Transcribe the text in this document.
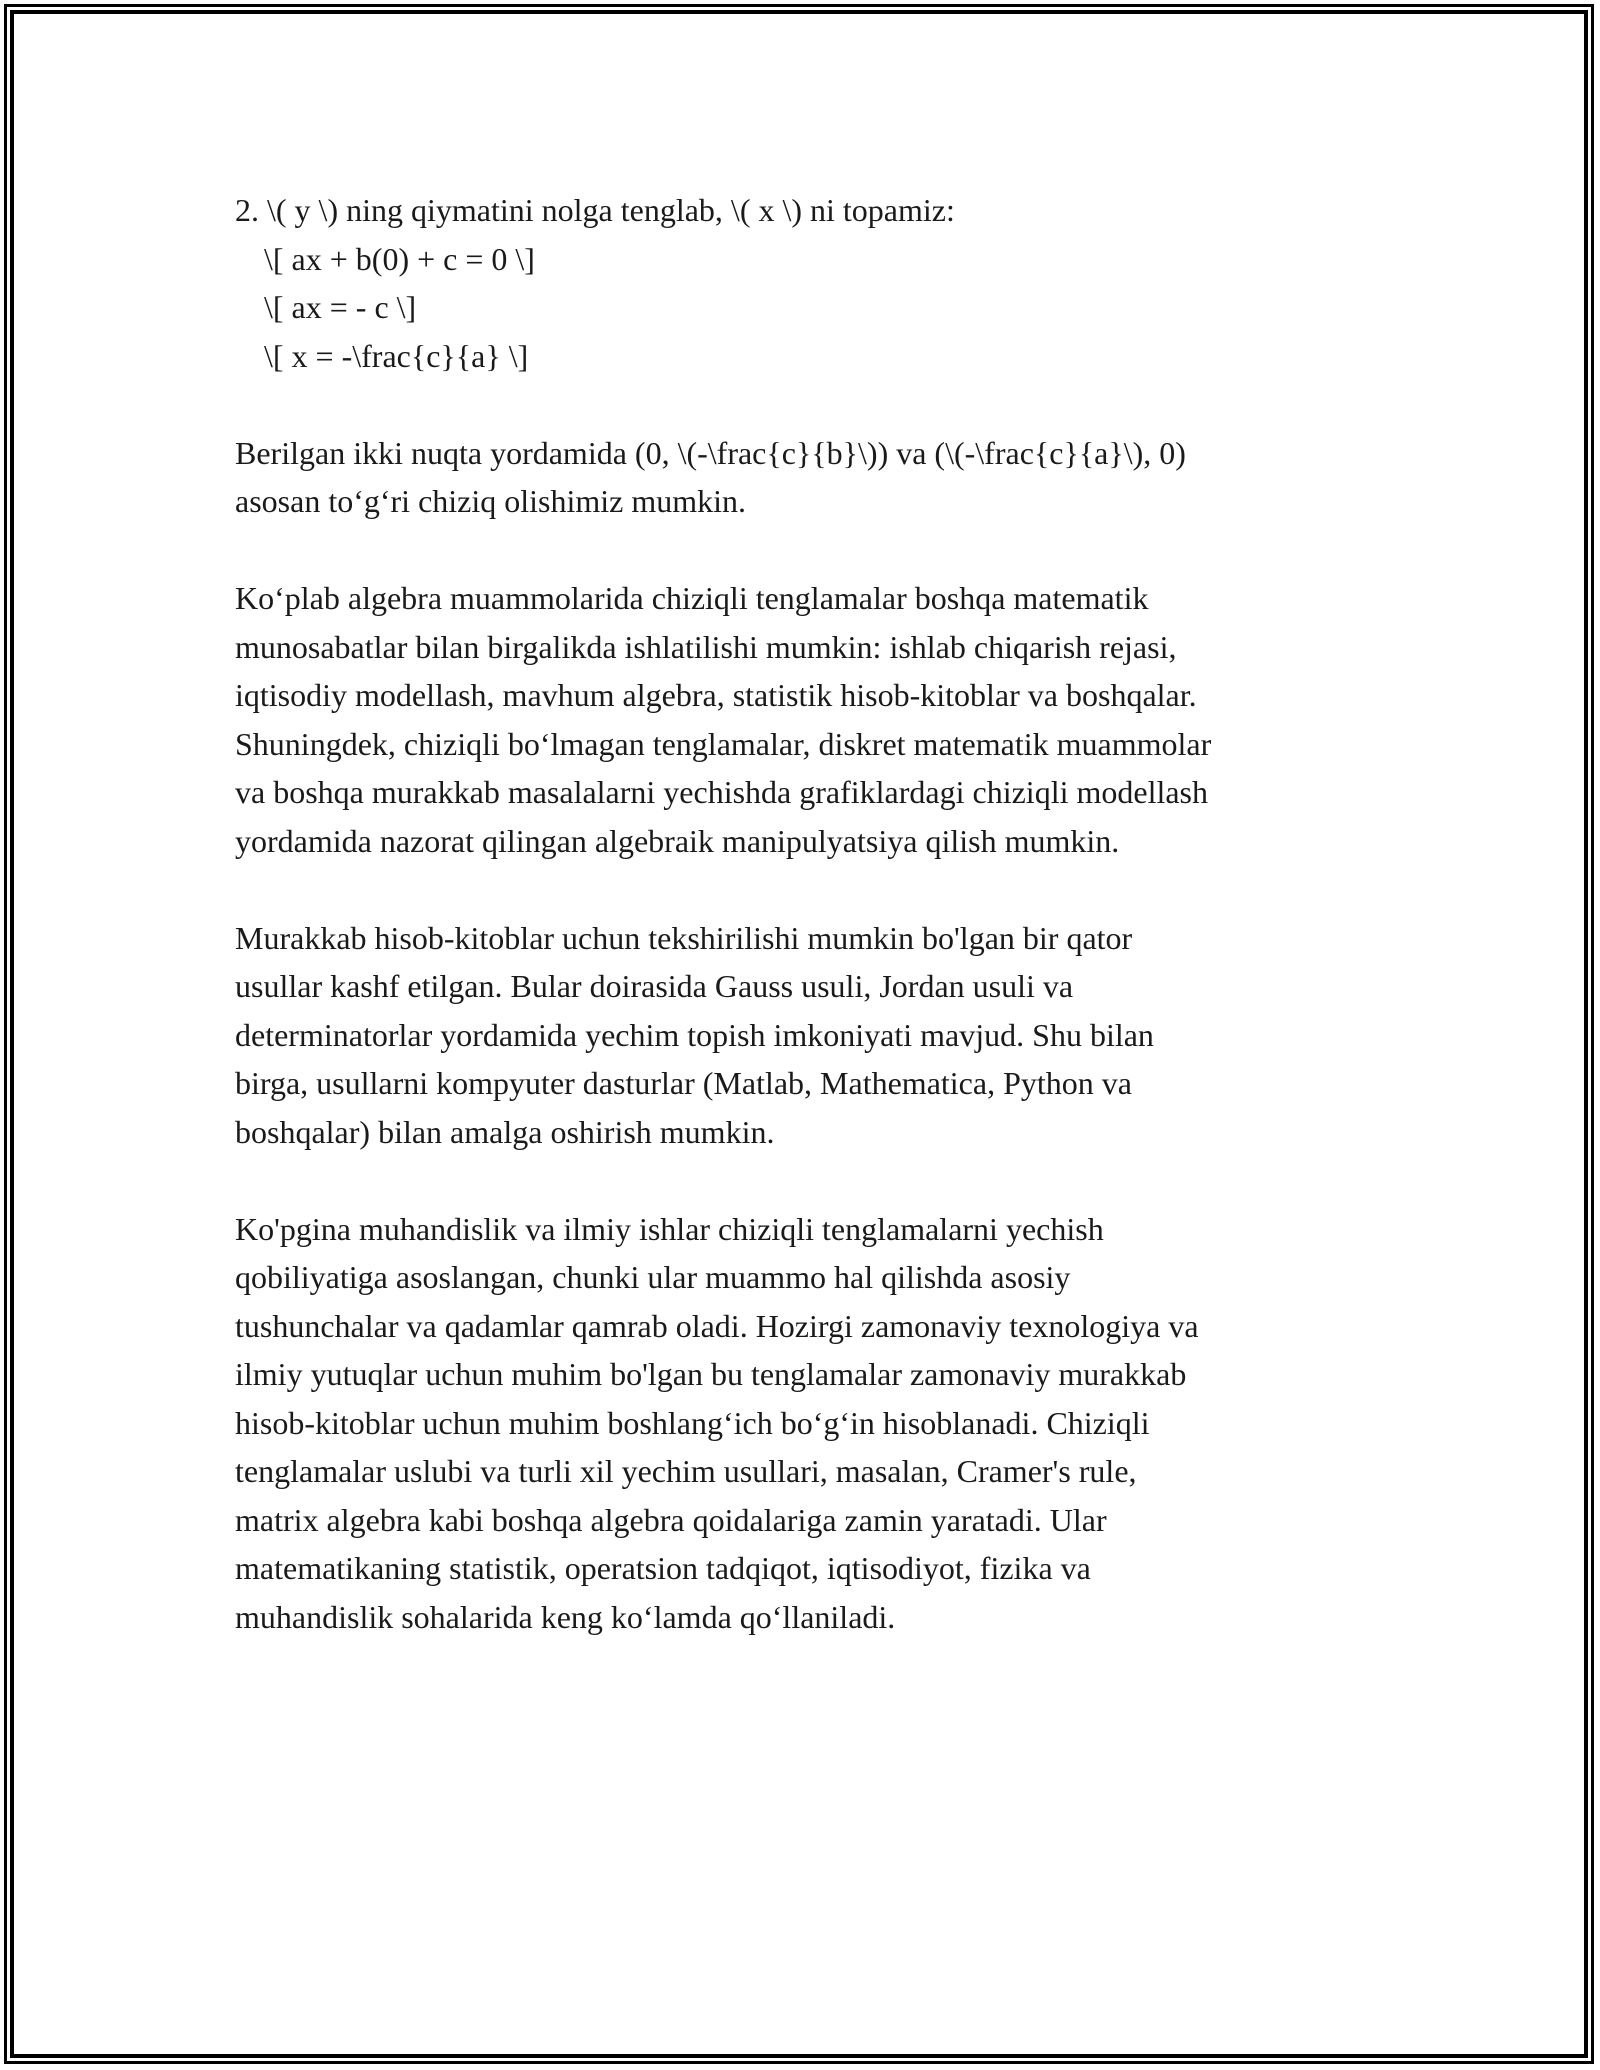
2. \( y \) ning qiymatini nolga tenglab, \( x \) ni topamiz:
\[ ax + b(0) + c = 0 \]
\[ ax = - c \]
\[ x = -\frac{c}{a} \]
Berilgan ikki nuqta yordamida (0, \(-\frac{c}{b}\)) va (\(-\frac{c}{a}\), 0)
asosan to‘g‘ri chiziq olishimiz mumkin.
Ko‘plab algebra muammolarida chiziqli tenglamalar boshqa matematik
munosabatlar bilan birgalikda ishlatilishi mumkin: ishlab chiqarish rejasi,
iqtisodiy modellash, mavhum algebra, statistik hisob-kitoblar va boshqalar.
Shuningdek, chiziqli bo‘lmagan tenglamalar, diskret matematik muammolar
va boshqa murakkab masalalarni yechishda grafiklardagi chiziqli modellash
yordamida nazorat qilingan algebraik manipulyatsiya qilish mumkin.
Murakkab hisob-kitoblar uchun tekshirilishi mumkin bo'lgan bir qator
usullar kashf etilgan. Bular doirasida Gauss usuli, Jordan usuli va
determinatorlar yordamida yechim topish imkoniyati mavjud. Shu bilan
birga, usullarni kompyuter dasturlar (Matlab, Mathematica, Python va
boshqalar) bilan amalga oshirish mumkin.
Ko'pgina muhandislik va ilmiy ishlar chiziqli tenglamalarni yechish
qobiliyatiga asoslangan, chunki ular muammo hal qilishda asosiy
tushunchalar va qadamlar qamrab oladi. Hozirgi zamonaviy texnologiya va
ilmiy yutuqlar uchun muhim bo'lgan bu tenglamalar zamonaviy murakkab
hisob-kitoblar uchun muhim boshlang‘ich bo‘g‘in hisoblanadi. Chiziqli
tenglamalar uslubi va turli xil yechim usullari, masalan, Cramer's rule,
matrix algebra kabi boshqa algebra qoidalariga zamin yaratadi. Ular
matematikaning statistik, operatsion tadqiqot, iqtisodiyot, fizika va
muhandislik sohalarida keng ko‘lamda qo‘llaniladi.
